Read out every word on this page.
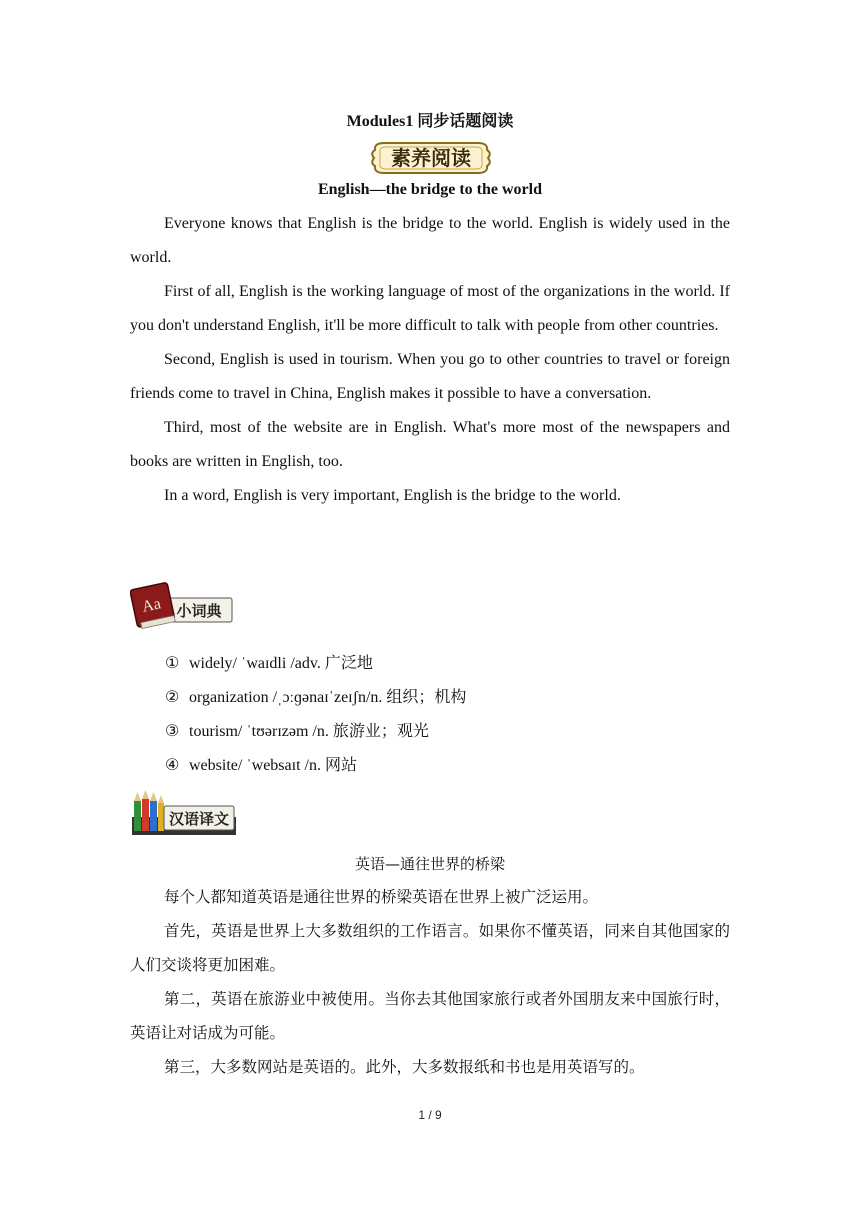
Modules1 同步话题阅读
素养阅读
English—the bridge to the world

Everyone knows that English is the bridge to the world. English is widely used in the world.

First of all, English is the working language of most of the organizations in the world. If you don't understand English, it'll be more difficult to talk with people from other countries.

Second, English is used in tourism. When you go to other countries to travel or foreign friends come to travel in China, English makes it possible to have a conversation.

Third, most of the website are in English. What's more most of the newspapers and books are written in English, too.

In a word, English is very important, English is the bridge to the world.

Aa 小词典
① widely/ ˈwaɪdli /adv. 广泛地
② organization /ˌɔːɡənaɪˈzeɪʃn/n. 组织；机构
③ tourism/ ˈtʊərɪzəm /n. 旅游业；观光
④ website/ ˈwebsaɪt /n. 网站
汉语译文
英语—通往世界的桥梁

每个人都知道英语是通往世界的桥梁英语在世界上被广泛运用。

首先，英语是世界上大多数组织的工作语言。如果你不懂英语，同来自其他国家的人们交谈将更加困难。

第二，英语在旅游业中被使用。当你去其他国家旅行或者外国朋友来中国旅行时，英语让对话成为可能。

第三，大多数网站是英语的。此外，大多数报纸和书也是用英语写的。

1 / 9
